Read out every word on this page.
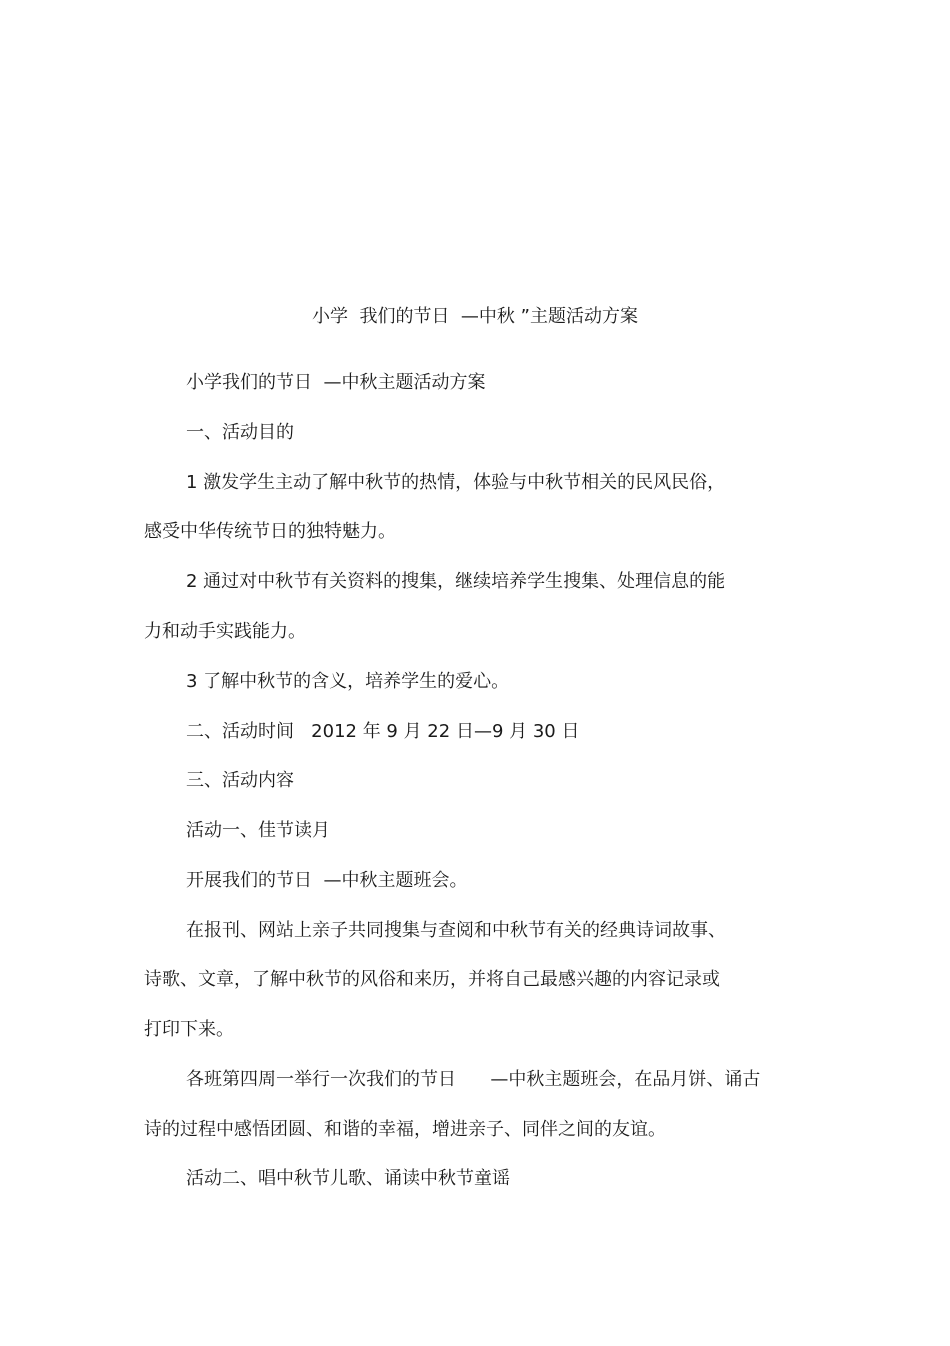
小学  我们的节日  —中秋 ”主题活动方案
小学我们的节日  —中秋主题活动方案
一、活动目的
1 激发学生主动了解中秋节的热情，体验与中秋节相关的民风民俗，
感受中华传统节日的独特魅力。
2 通过对中秋节有关资料的搜集，继续培养学生搜集、处理信息的能
力和动手实践能力。
3 了解中秋节的含义，培养学生的爱心。
二、活动时间   2012 年 9 月 22 日—9 月 30 日
三、活动内容
活动一、佳节读月
开展我们的节日  —中秋主题班会。
在报刊、网站上亲子共同搜集与查阅和中秋节有关的经典诗词故事、
诗歌、文章，了解中秋节的风俗和来历，并将自己最感兴趣的内容记录或
打印下来。
各班第四周一举行一次我们的节日      —中秋主题班会，在品月饼、诵古
诗的过程中感悟团圆、和谐的幸福，增进亲子、同伴之间的友谊。
活动二、唱中秋节儿歌、诵读中秋节童谣
